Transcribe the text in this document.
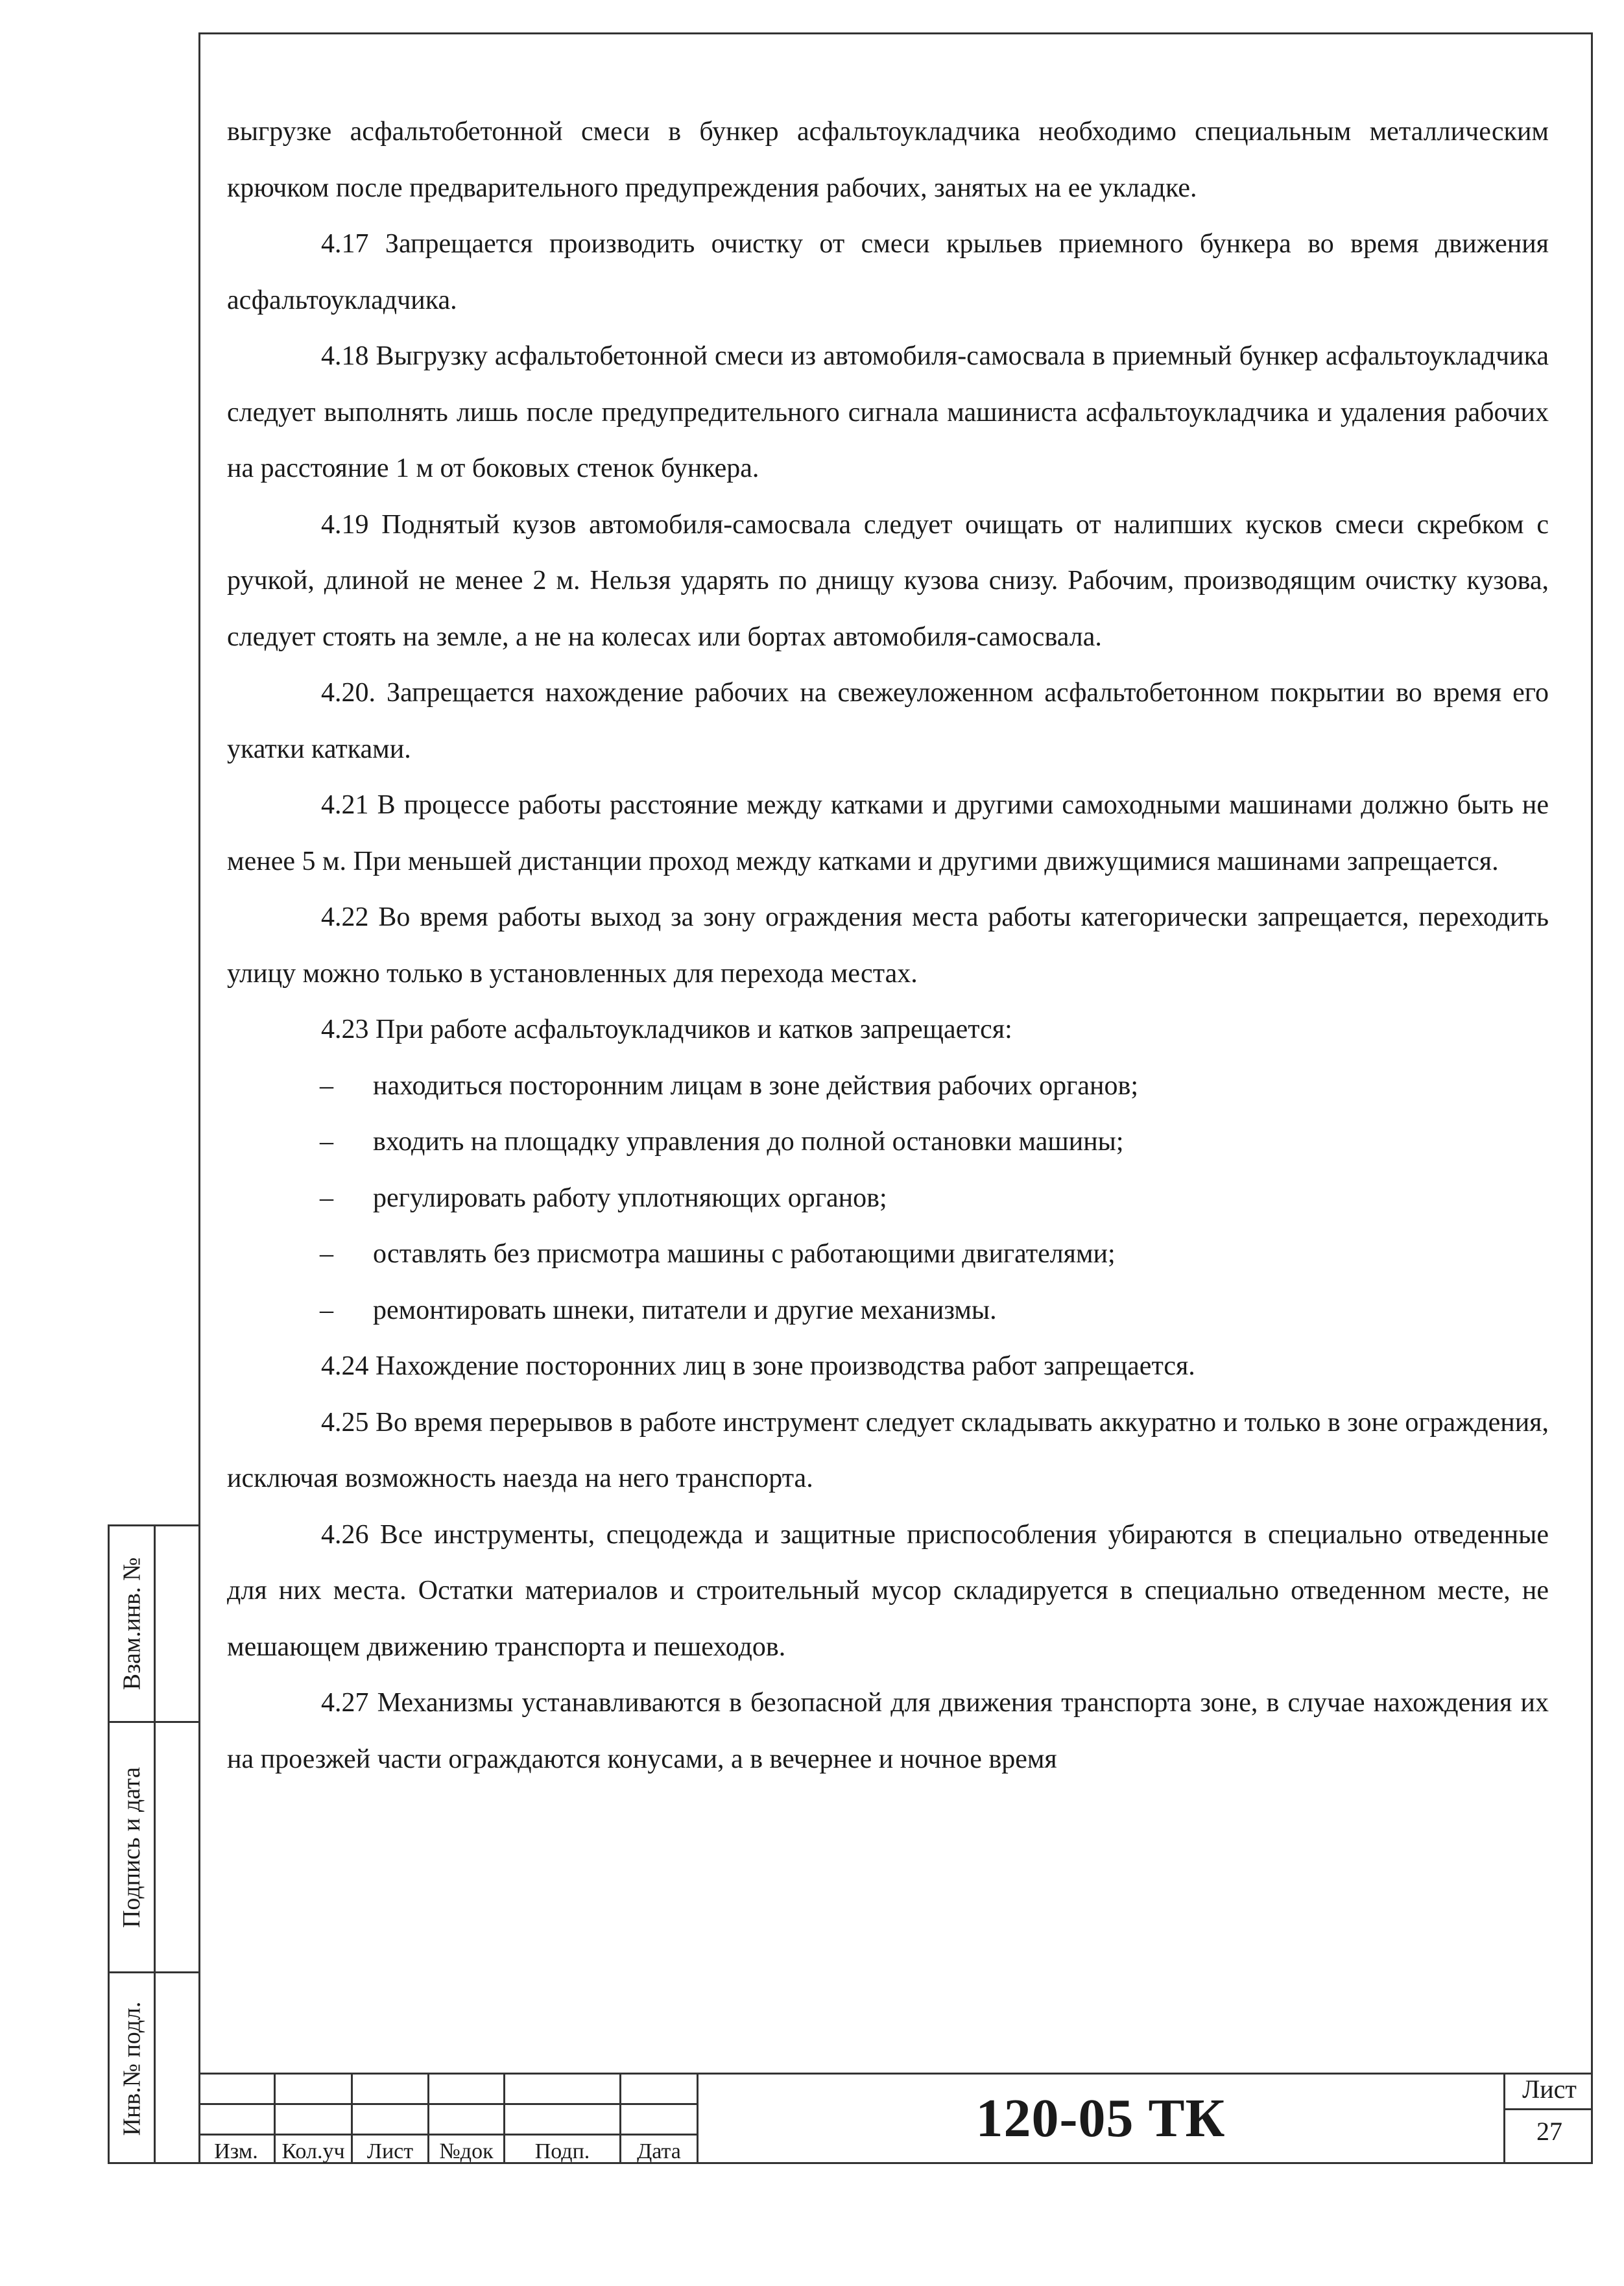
выгрузке асфальтобетонной смеси в бункер асфальтоукладчика необходимо специальным металлическим крючком после предварительного предупреждения рабочих, занятых на ее укладке.

4.17 Запрещается производить очистку от смеси крыльев приемного бункера во время движения асфальтоукладчика.

4.18 Выгрузку асфальтобетонной смеси из автомобиля-самосвала в приемный бункер асфальтоукладчика следует выполнять лишь после предупредительного сигнала машиниста асфальтоукладчика и удаления рабочих на расстояние 1 м от боковых стенок бункера.

4.19 Поднятый кузов автомобиля-самосвала следует очищать от налипших кусков смеси скребком с ручкой, длиной не менее 2 м. Нельзя ударять по днищу кузова снизу. Рабочим, производящим очистку кузова, следует стоять на земле, а не на колесах или бортах автомобиля-самосвала.

4.20. Запрещается нахождение рабочих на свежеуложенном асфальтобетонном покрытии во время его укатки катками.

4.21 В процессе работы расстояние между катками и другими самоходными машинами должно быть не менее 5 м. При меньшей дистанции проход между катками и другими движущимися машинами запрещается.

4.22 Во время работы выход за зону ограждения места работы категорически запрещается, переходить улицу можно только в установленных для перехода местах.

4.23 При работе асфальтоукладчиков и катков запрещается:

– находиться посторонним лицам в зоне действия рабочих органов;

– входить на площадку управления до полной остановки машины;

– регулировать работу уплотняющих органов;

– оставлять без присмотра машины с работающими двигателями;

– ремонтировать шнеки, питатели и другие механизмы.

4.24 Нахождение посторонних лиц в зоне производства работ запрещается.

4.25 Во время перерывов в работе инструмент следует складывать аккуратно и только в зоне ограждения, исключая возможность наезда на него транспорта.

4.26 Все инструменты, спецодежда и защитные приспособления убираются в специально отведенные для них места. Остатки материалов и строительный мусор складируется в специально отведенном месте, не мешающем движению транспорта и пешеходов.

4.27 Механизмы устанавливаются в безопасной для движения транспорта зоне, в случае нахождения их на проезжей части ограждаются конусами, а в вечернее и ночное время

Взам.инв. №
Подпись и дата
Инв.№ подл.
Изм.	Кол.уч	Лист	№док	Подп.	Дата
120-05 ТК	Лист
27
